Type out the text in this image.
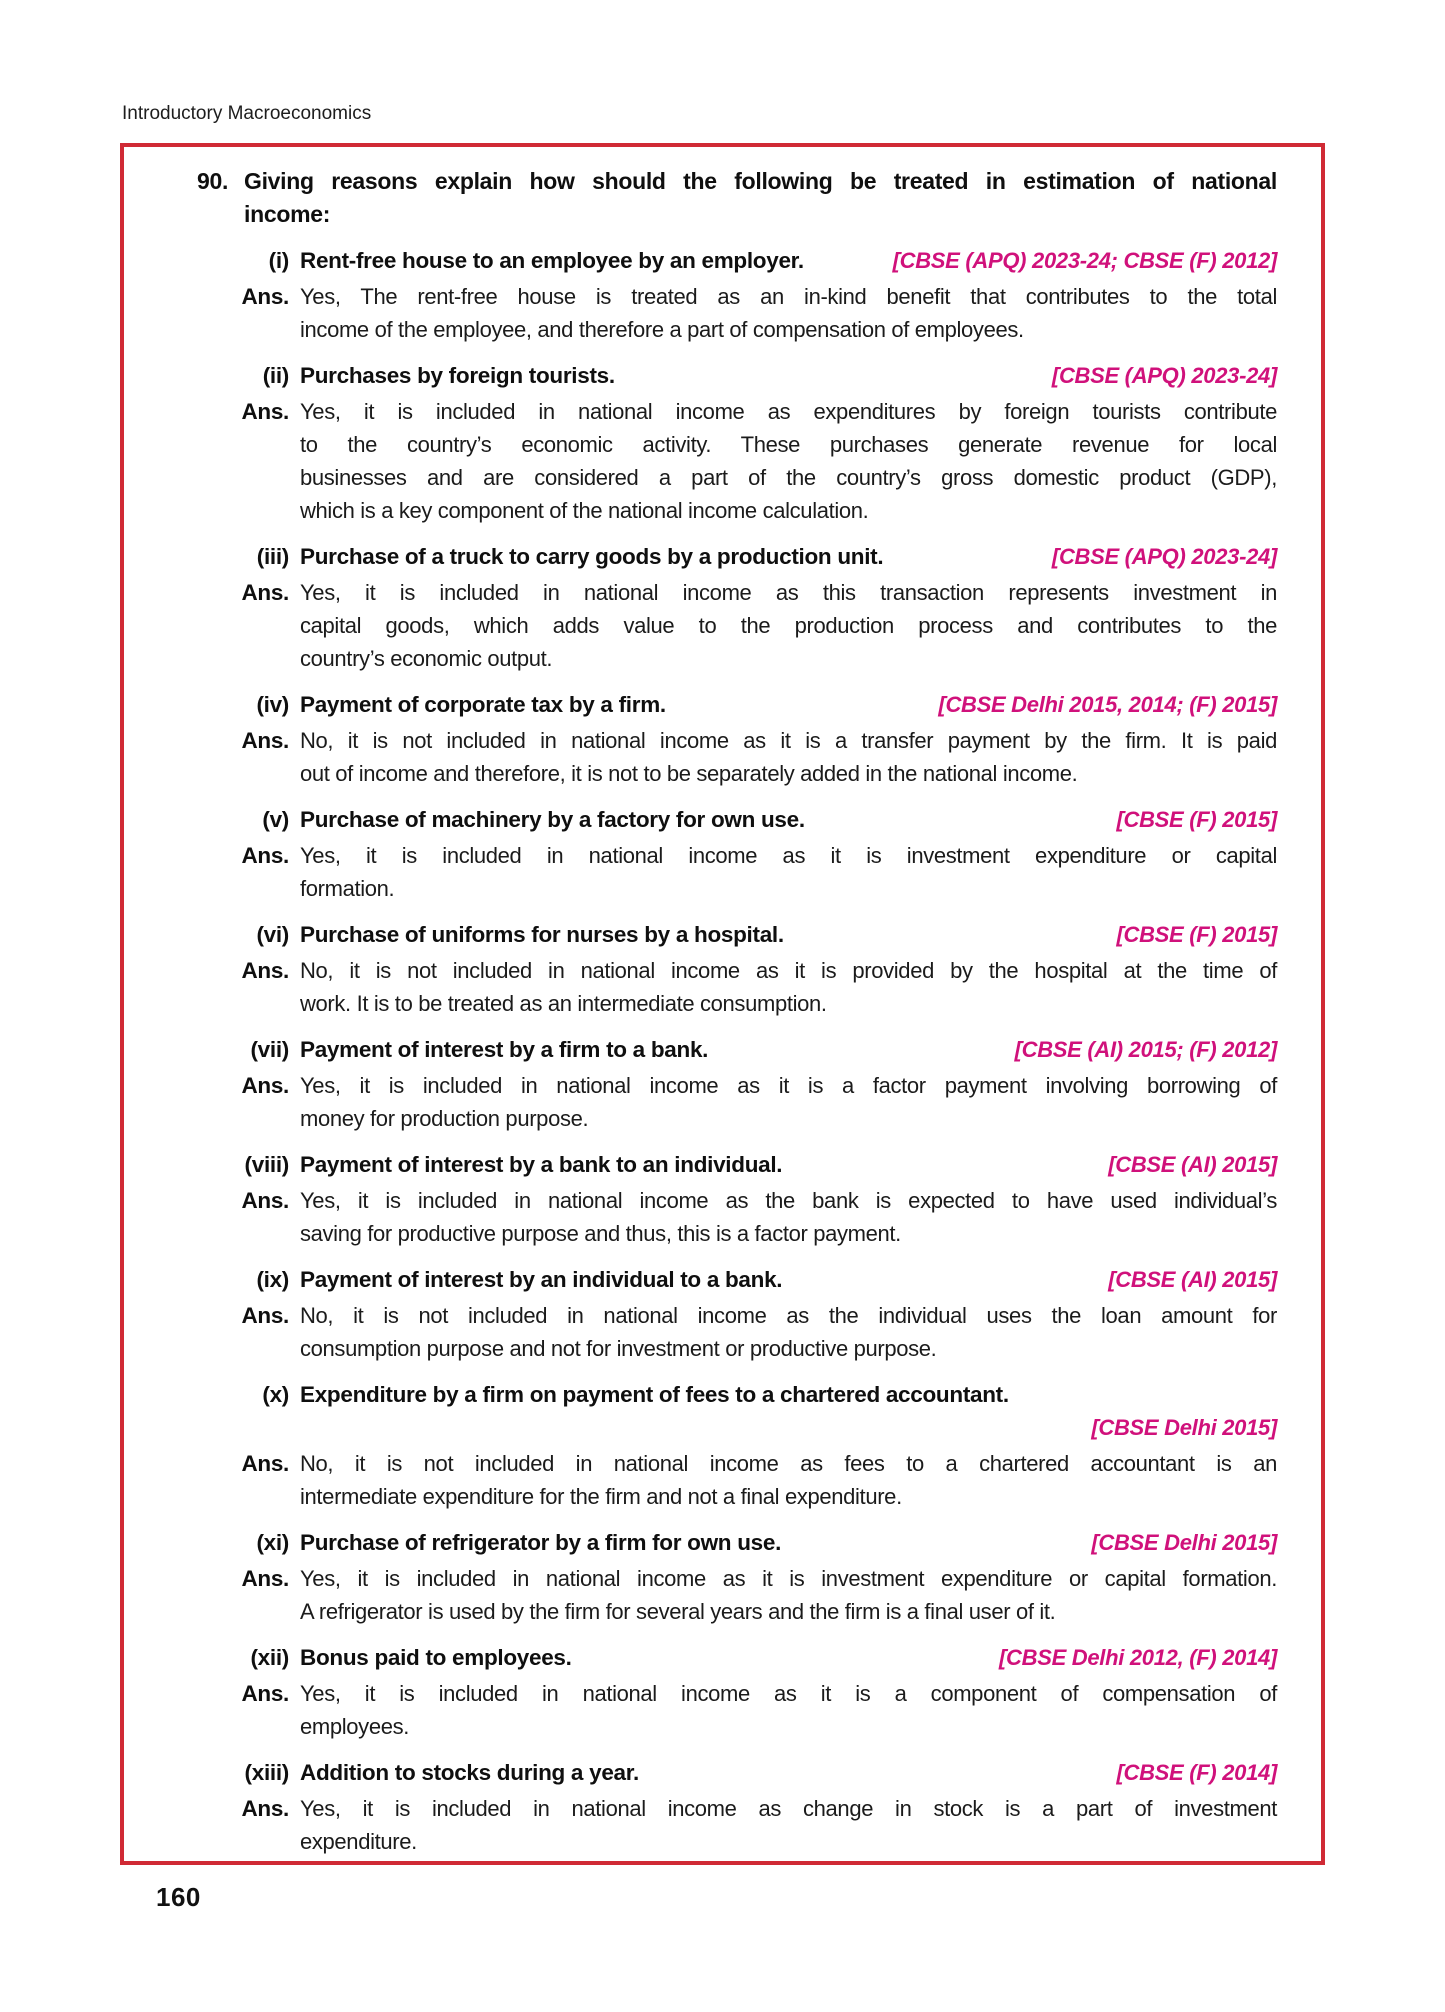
Introductory Macroeconomics
90. Giving reasons explain how should the following be treated in estimation of national
income:
(i) Rent-free house to an employee by an employer.	[CBSE (APQ) 2023-24; CBSE (F) 2012]
Ans. Yes, The rent-free house is treated as an in-kind benefit that contributes to the total
income of the employee, and therefore a part of compensation of employees.
(ii) Purchases by foreign tourists.	[CBSE (APQ) 2023-24]
Ans. Yes, it is included in national income as expenditures by foreign tourists contribute
to the country’s economic activity. These purchases generate revenue for local
businesses and are considered a part of the country’s gross domestic product (GDP),
which is a key component of the national income calculation.
(iii) Purchase of a truck to carry goods by a production unit.	[CBSE (APQ) 2023-24]
Ans. Yes, it is included in national income as this transaction represents investment in
capital goods, which adds value to the production process and contributes to the
country’s economic output.
(iv) Payment of corporate tax by a firm.	[CBSE Delhi 2015, 2014; (F) 2015]
Ans. No, it is not included in national income as it is a transfer payment by the firm. It is paid
out of income and therefore, it is not to be separately added in the national income.
(v) Purchase of machinery by a factory for own use.	[CBSE (F) 2015]
Ans. Yes, it is included in national income as it is investment expenditure or capital
formation.
(vi) Purchase of uniforms for nurses by a hospital.	[CBSE (F) 2015]
Ans. No, it is not included in national income as it is provided by the hospital at the time of
work. It is to be treated as an intermediate consumption.
(vii) Payment of interest by a firm to a bank.	[CBSE (AI) 2015; (F) 2012]
Ans. Yes, it is included in national income as it is a factor payment involving borrowing of
money for production purpose.
(viii) Payment of interest by a bank to an individual.	[CBSE (AI) 2015]
Ans. Yes, it is included in national income as the bank is expected to have used individual’s
saving for productive purpose and thus, this is a factor payment.
(ix) Payment of interest by an individual to a bank.	[CBSE (AI) 2015]
Ans. No, it is not included in national income as the individual uses the loan amount for
consumption purpose and not for investment or productive purpose.
(x) Expenditure by a firm on payment of fees to a chartered accountant.
[CBSE Delhi 2015]
Ans. No, it is not included in national income as fees to a chartered accountant is an
intermediate expenditure for the firm and not a final expenditure.
(xi) Purchase of refrigerator by a firm for own use.	[CBSE Delhi 2015]
Ans. Yes, it is included in national income as it is investment expenditure or capital formation.
A refrigerator is used by the firm for several years and the firm is a final user of it.
(xii) Bonus paid to employees.	[CBSE Delhi 2012, (F) 2014]
Ans. Yes, it is included in national income as it is a component of compensation of
employees.
(xiii) Addition to stocks during a year.	[CBSE (F) 2014]
Ans. Yes, it is included in national income as change in stock is a part of investment
expenditure.
160
